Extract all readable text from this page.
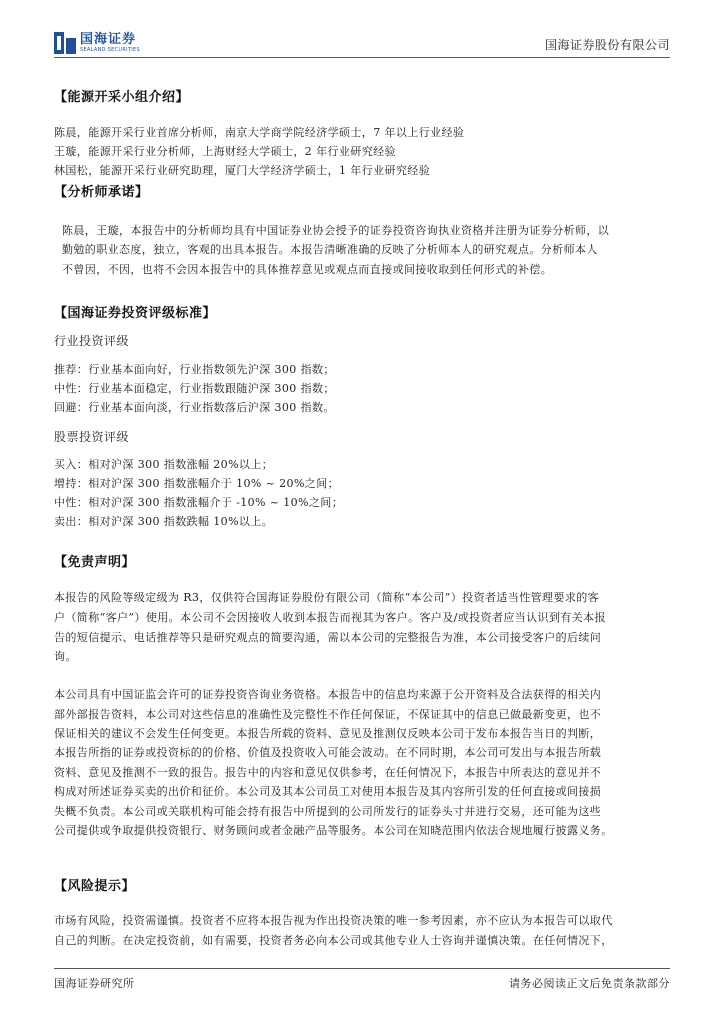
国海证券
SEALAND SECURITIES	国海证券股份有限公司
【能源开采小组介绍】
陈晨，能源开采行业首席分析师，南京大学商学院经济学硕士，7 年以上行业经验
王璇，能源开采行业分析师，上海财经大学硕士，2 年行业研究经验
林国松，能源开采行业研究助理，厦门大学经济学硕士，1 年行业研究经验
【分析师承诺】
陈晨，王璇，本报告中的分析师均具有中国证券业协会授予的证券投资咨询执业资格并注册为证券分析师，以
勤勉的职业态度，独立，客观的出具本报告。本报告清晰准确的反映了分析师本人的研究观点。分析师本人
不曾因，不因，也将不会因本报告中的具体推荐意见或观点而直接或间接收取到任何形式的补偿。
【国海证券投资评级标准】
行业投资评级
推荐：行业基本面向好，行业指数领先沪深 300 指数；
中性：行业基本面稳定，行业指数跟随沪深 300 指数；
回避：行业基本面向淡，行业指数落后沪深 300 指数。
股票投资评级
买入：相对沪深 300 指数涨幅 20%以上；
增持：相对沪深 300 指数涨幅介于 10% ~ 20%之间；
中性：相对沪深 300 指数涨幅介于 -10% ~ 10%之间；
卖出：相对沪深 300 指数跌幅 10%以上。
【免责声明】
本报告的风险等级定级为 R3，仅供符合国海证券股份有限公司（简称“本公司”）投资者适当性管理要求的客
户（简称“客户”）使用。本公司不会因接收人收到本报告而视其为客户。客户及/或投资者应当认识到有关本报
告的短信提示、电话推荐等只是研究观点的简要沟通，需以本公司的完整报告为准，本公司接受客户的后续问
询。
本公司具有中国证监会许可的证券投资咨询业务资格。本报告中的信息均来源于公开资料及合法获得的相关内
部外部报告资料，本公司对这些信息的准确性及完整性不作任何保证，不保证其中的信息已做最新变更，也不
保证相关的建议不会发生任何变更。本报告所载的资料、意见及推测仅反映本公司于发布本报告当日的判断，
本报告所指的证券或投资标的的价格、价值及投资收入可能会波动。在不同时期，本公司可发出与本报告所载
资料、意见及推测不一致的报告。报告中的内容和意见仅供参考，在任何情况下，本报告中所表达的意见并不
构成对所述证券买卖的出价和征价。本公司及其本公司员工对使用本报告及其内容所引发的任何直接或间接损
失概不负责。本公司或关联机构可能会持有报告中所提到的公司所发行的证券头寸并进行交易，还可能为这些
公司提供或争取提供投资银行、财务顾问或者金融产品等服务。本公司在知晓范围内依法合规地履行披露义务。
【风险提示】
市场有风险，投资需谨慎。投资者不应将本报告视为作出投资决策的唯一参考因素，亦不应认为本报告可以取代
自己的判断。在决定投资前，如有需要，投资者务必向本公司或其他专业人士咨询并谨慎决策。在任何情况下，
国海证券研究所	请务必阅读正文后免责条款部分
